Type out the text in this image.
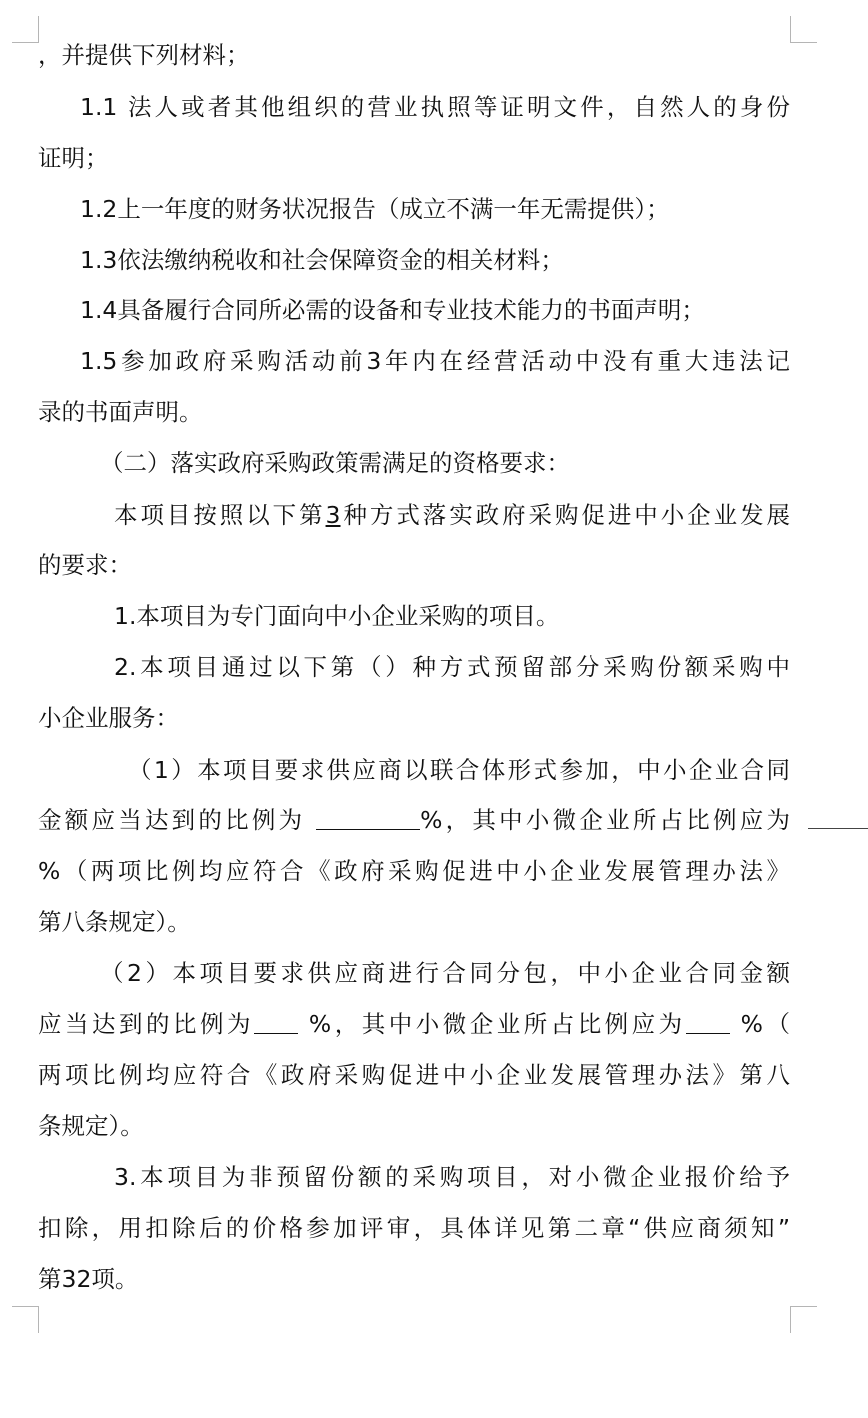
，并提供下列材料；
1.1 法人或者其他组织的营业执照等证明文件，自然人的身份
证明；
1.2上一年度的财务状况报告（成立不满一年无需提供）；
1.3依法缴纳税收和社会保障资金的相关材料；
1.4具备履行合同所必需的设备和专业技术能力的书面声明；
1.5参加政府采购活动前3年内在经营活动中没有重大违法记
录的书面声明。
（二）落实政府采购政策需满足的资格要求：
本项目按照以下第3种方式落实政府采购促进中小企业发展
的要求：
1.本项目为专门面向中小企业采购的项目。
2.本项目通过以下第（）种方式预留部分采购份额采购中
小企业服务：
（1）本项目要求供应商以联合体形式参加，中小企业合同
金额应当达到的比例为	%，其中小微企业所占比例应为
%（两项比例均应符合《政府采购促进中小企业发展管理办法》
第八条规定）。
（2）本项目要求供应商进行合同分包，中小企业合同金额
应当达到的比例为 %，其中小微企业所占比例应为 %（
两项比例均应符合《政府采购促进中小企业发展管理办法》第八
条规定）。
3.本项目为非预留份额的采购项目，对小微企业报价给予
扣除，用扣除后的价格参加评审，具体详见第二章“供应商须知”
第32项。
